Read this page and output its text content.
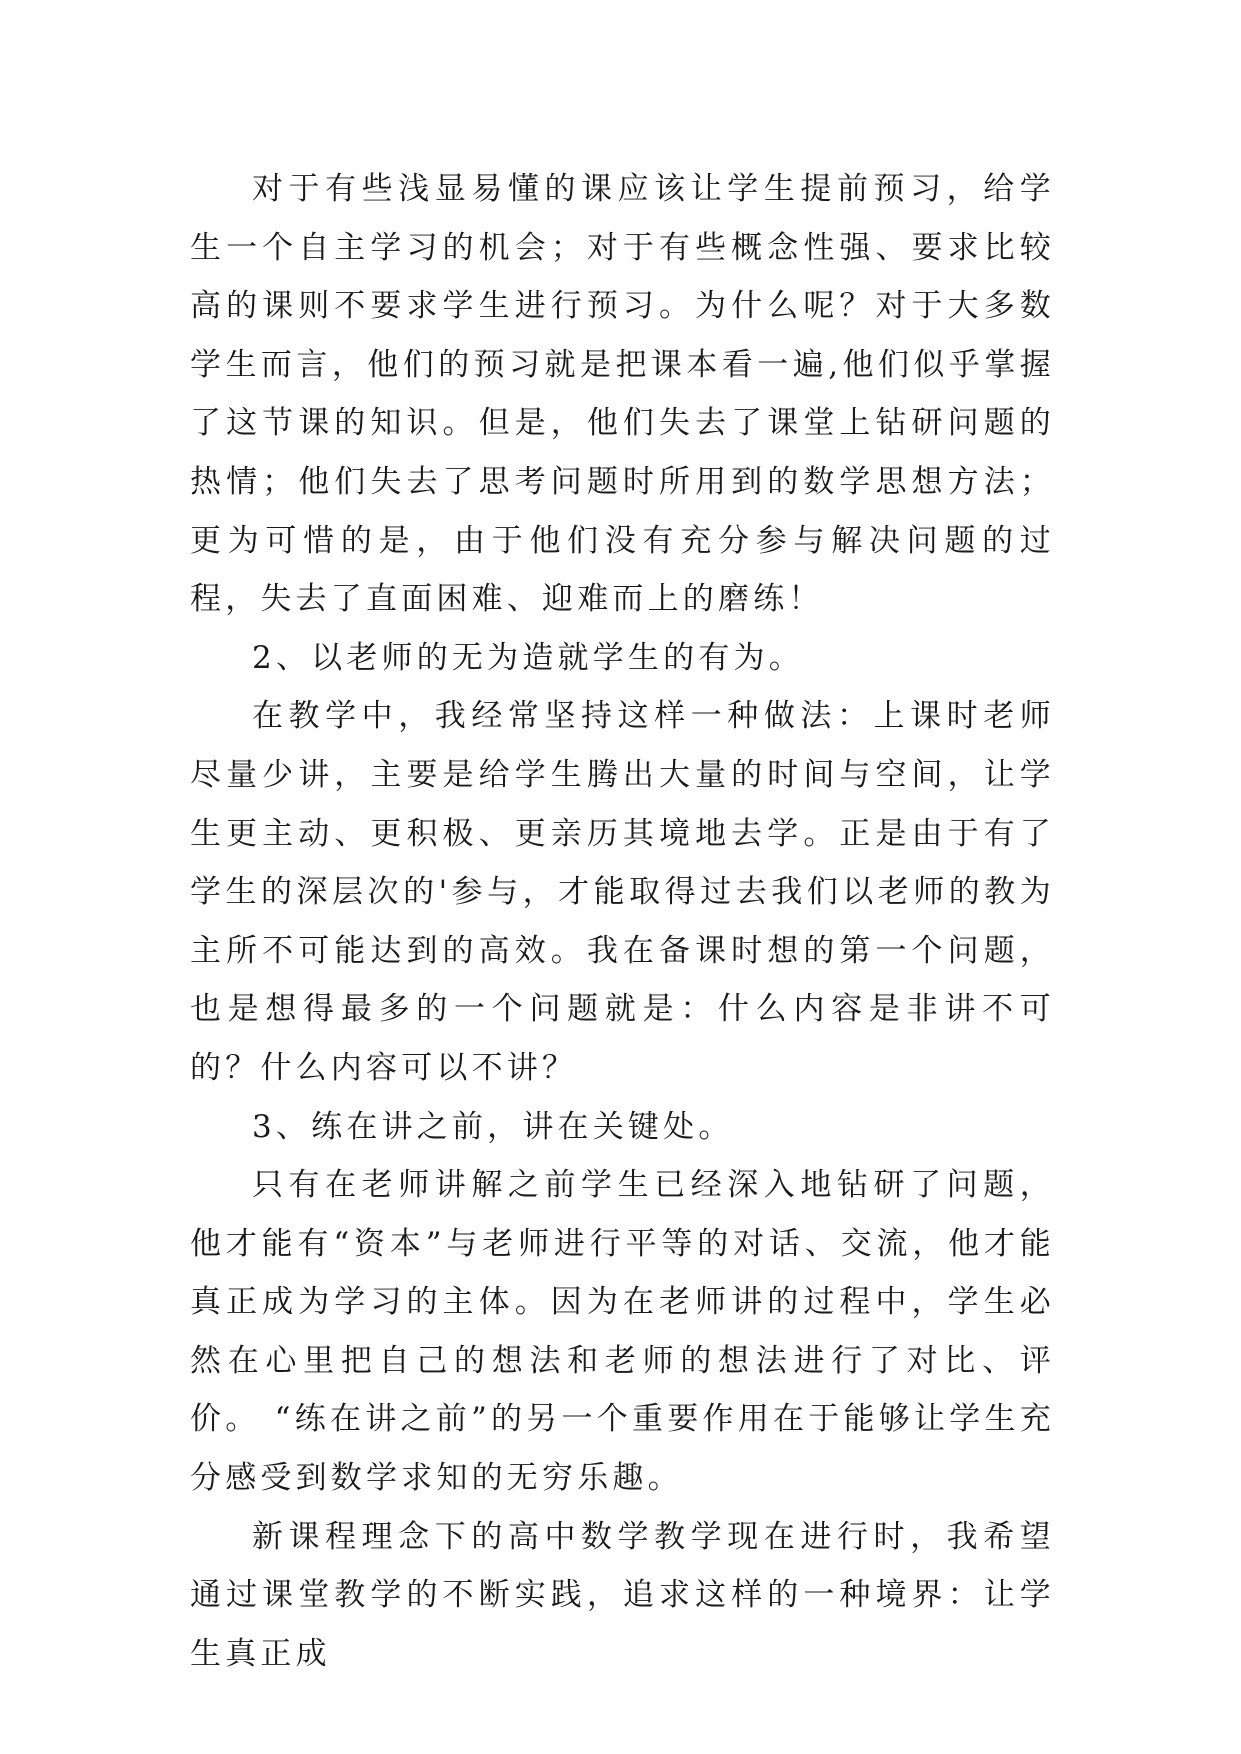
对于有些浅显易懂的课应该让学生提前预习，给学生一个自主学习的机会；对于有些概念性强、要求比较高的课则不要求学生进行预习。为什么呢？对于大多数学生而言，他们的预习就是把课本看一遍,他们似乎掌握了这节课的知识。但是，他们失去了课堂上钻研问题的热情；他们失去了思考问题时所用到的数学思想方法；更为可惜的是，由于他们没有充分参与解决问题的过程，失去了直面困难、迎难而上的磨练！

2、以老师的无为造就学生的有为。

在教学中，我经常坚持这样一种做法：上课时老师尽量少讲，主要是给学生腾出大量的时间与空间，让学生更主动、更积极、更亲历其境地去学。正是由于有了学生的深层次的'参与，才能取得过去我们以老师的教为主所不可能达到的高效。我在备课时想的第一个问题，也是想得最多的一个问题就是：什么内容是非讲不可的？什么内容可以不讲？

3、练在讲之前，讲在关键处。

只有在老师讲解之前学生已经深入地钻研了问题，他才能有“资本”与老师进行平等的对话、交流，他才能真正成为学习的主体。因为在老师讲的过程中，学生必然在心里把自己的想法和老师的想法进行了对比、评价。 “练在讲之前”的另一个重要作用在于能够让学生充分感受到数学求知的无穷乐趣。

新课程理念下的高中数学教学现在进行时，我希望通过课堂教学的不断实践，追求这样的一种境界：让学生真正成
